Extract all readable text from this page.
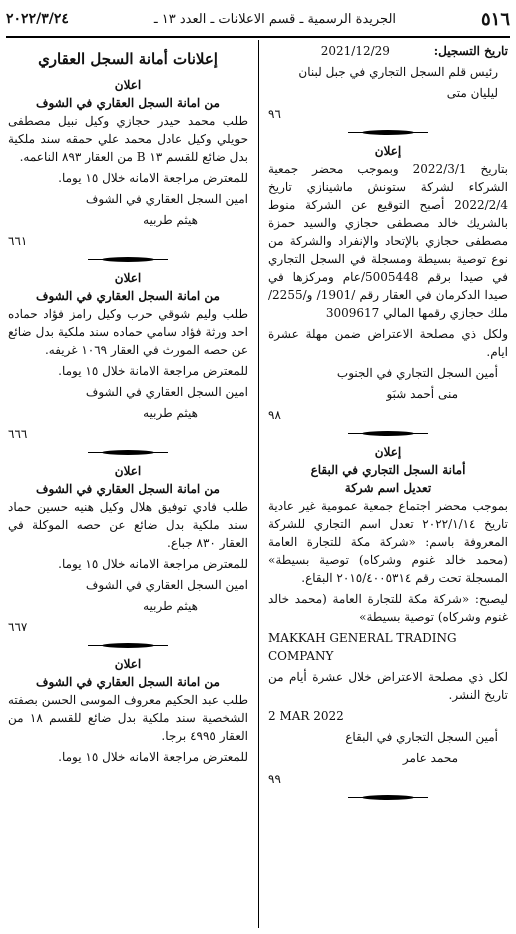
٥١٦
الجريدة الرسمية ـ قسم الاعلانات ـ العدد ١٣ ـ
٢٠٢٢/٣/٢٤
تاريخ التسجيل: 2021/12/29
رئيس قلم السجل التجاري في جبل لبنان
ليليان متى
٩٦
إعلان
بتاريخ 2022/3/1 وبموجب محضر جمعية الشركاء لشركة ستونش ماشينازي تاريخ 2022/2/4 أصبح التوقيع عن الشركة منوط بالشريك خالد مصطفى حجازي والسيد حمزة مصطفى حجازي بالإتحاد والإنفراد والشركة من نوع توصية بسيطة ومسجلة في السجل التجاري في صيدا برقم 5005448/عام ومركزها في صيدا الدكرمان في العقار رقم /1901/ و/2255/ ملك حجازي رقمها المالي 3009617
ولكل ذي مصلحة الاعتراض ضمن مهلة عشرة ايام.
أمين السجل التجاري في الجنوب
منى أحمد شبَو
٩٨
إعلان
أمانة السجل التجاري في البقاع
تعديل اسم شركة
بموجب محضر اجتماع جمعية عمومية غير عادية تاريخ ٢٠٢٢/١/١٤ تعدل اسم التجاري للشركة المعروفة باسم: «شركة مكة للتجارة العامة (محمد خالد غنوم وشركاه) توصية بسيطة» المسجلة تحت رقم ٢٠١٥/٤٠٠٥٣١٤ البقاع.
ليصبح: «شركة مكة للتجارة العامة (محمد خالد غنوم وشركاه) توصية بسيطة»
MAKKAH GENERAL TRADING COMPANY
لكل ذي مصلحة الاعتراض خلال عشرة أيام من تاريخ النشر.
2 MAR 2022
أمين السجل التجاري في البقاع
محمد عامر
٩٩
إعلانات أمانة السجل العقاري
اعلان
من امانة السجل العقاري في الشوف
طلب محمد حيدر حجازي وكيل نبيل مصطفى حويلي وكيل عادل محمد علي حمقه سند ملكية بدل ضائع للقسم ١٣ B من العقار ٨٩٣ الناعمه.
للمعترض مراجعة الامانه خلال ١٥ يوما.
امين السجل العقاري في الشوف
هيثم طربيه
٦٦١
اعلان
من امانة السجل العقاري في الشوف
طلب وليم شوقي حرب وكيل رامز فؤاد حماده احد ورثة فؤاد سامي حماده سند ملكية بدل ضائع عن حصه المورث في العقار ١٠٦٩ غريفه.
للمعترض مراجعة الامانة خلال ١٥ يوما.
امين السجل العقاري في الشوف
هيثم طربيه
٦٦٦
اعلان
من امانة السجل العقاري في الشوف
طلب فادي توفيق هلال وكيل هنيه حسين حماد سند ملكية بدل ضائع عن حصه الموكلة في العقار ٨٣٠ جباع.
للمعترض مراجعة الامانه خلال ١٥ يوما.
امين السجل العقاري في الشوف
هيثم طربيه
٦٦٧
اعلان
من امانة السجل العقاري في الشوف
طلب عبد الحكيم معروف الموسى الحسن بصفته الشخصية سند ملكية بدل ضائع للقسم ١٨ من العقار ٤٩٩٥ برجا.
للمعترض مراجعة الامانه خلال ١٥ يوما.
